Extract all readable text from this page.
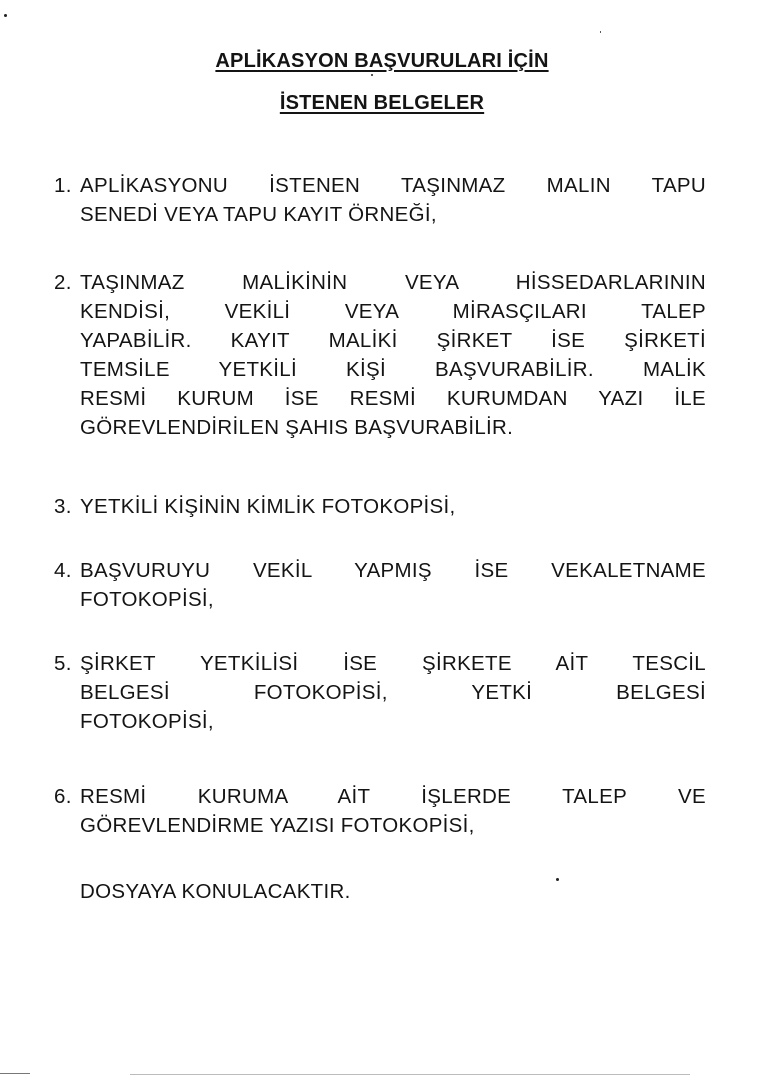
APLİKASYON BAŞVURULARI İÇİN
İSTENEN BELGELER
1. APLİKASYONU İSTENEN TAŞINMAZ MALIN TAPU
SENEDİ VEYA TAPU KAYIT ÖRNEĞİ,
2. TAŞINMAZ MALİKİNİN VEYA HİSSEDARLARININ
KENDİSİ, VEKİLİ VEYA MİRASÇILARI TALEP
YAPABİLİR. KAYIT MALİKİ ŞİRKET İSE ŞİRKETİ
TEMSİLE YETKİLİ KİŞİ BAŞVURABİLİR. MALİK
RESMİ KURUM İSE RESMİ KURUMDAN YAZI İLE
GÖREVLENDİRİLEN ŞAHIS BAŞVURABİLİR.
3. YETKİLİ KİŞİNİN KİMLİK FOTOKOPİSİ,
4. BAŞVURUYU VEKİL YAPMIŞ İSE VEKALETNAME
FOTOKOPİSİ,
5. ŞİRKET YETKİLİSİ İSE ŞİRKETE AİT TESCİL
BELGESİ FOTOKOPİSİ, YETKİ BELGESİ
FOTOKOPİSİ,
6. RESMİ KURUMA AİT İŞLERDE TALEP VE
GÖREVLENDİRME YAZISI FOTOKOPİSİ,
DOSYAYA KONULACAKTIR.
